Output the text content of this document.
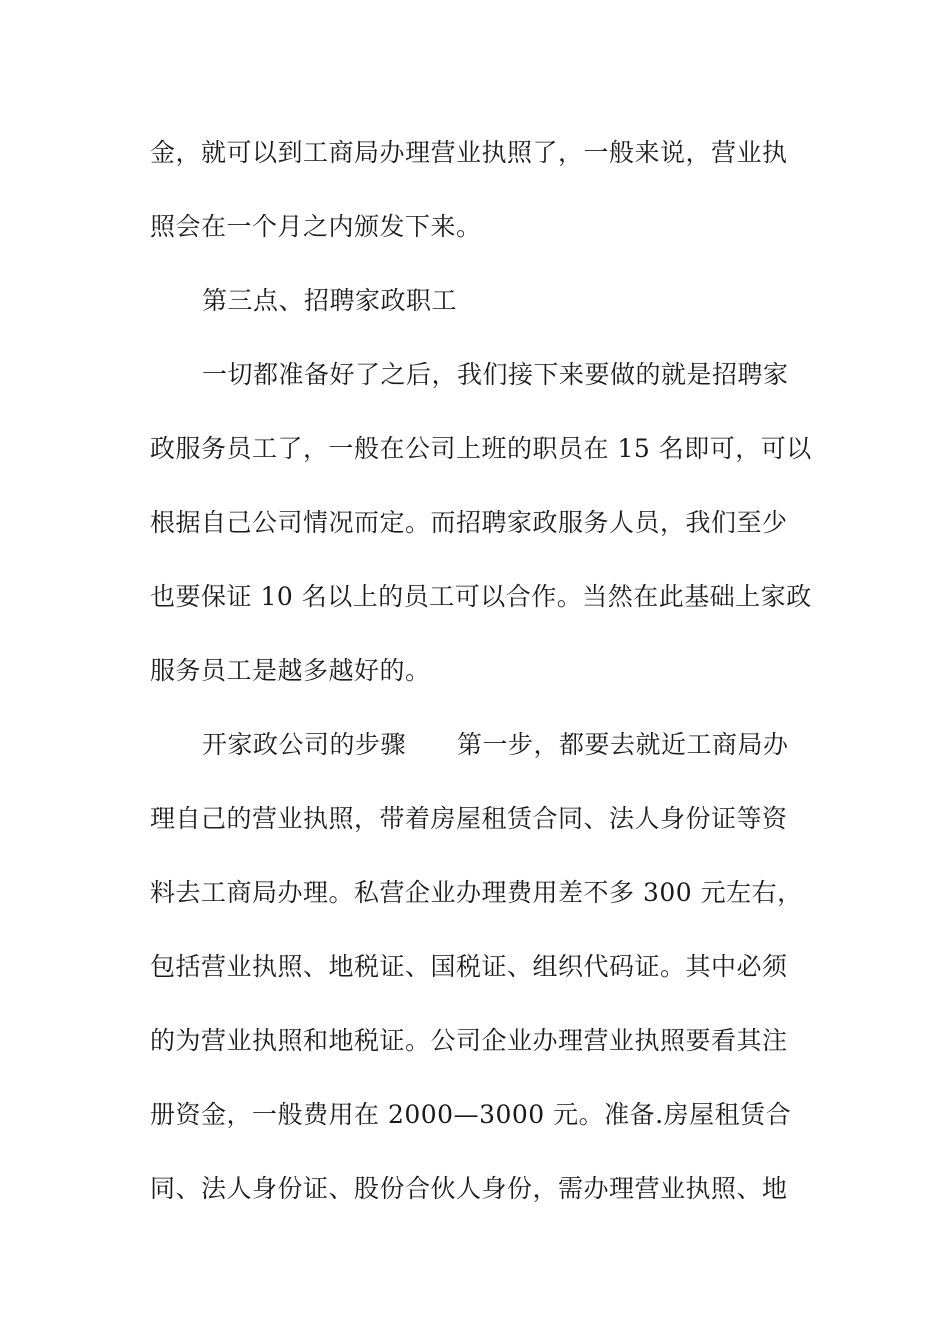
金，就可以到工商局办理营业执照了，一般来说，营业执
照会在一个月之内颁发下来。
第三点、招聘家政职工
一切都准备好了之后，我们接下来要做的就是招聘家
政服务员工了，一般在公司上班的职员在 15 名即可，可以
根据自己公司情况而定。而招聘家政服务人员，我们至少
也要保证 10 名以上的员工可以合作。当然在此基础上家政
服务员工是越多越好的。
开家政公司的步骤　　第一步，都要去就近工商局办
理自己的营业执照，带着房屋租赁合同、法人身份证等资
料去工商局办理。私营企业办理费用差不多 300 元左右，
包括营业执照、地税证、国税证、组织代码证。其中必须
的为营业执照和地税证。公司企业办理营业执照要看其注
册资金，一般费用在 2000—3000 元。准备.房屋租赁合
同、法人身份证、股份合伙人身份，需办理营业执照、地
